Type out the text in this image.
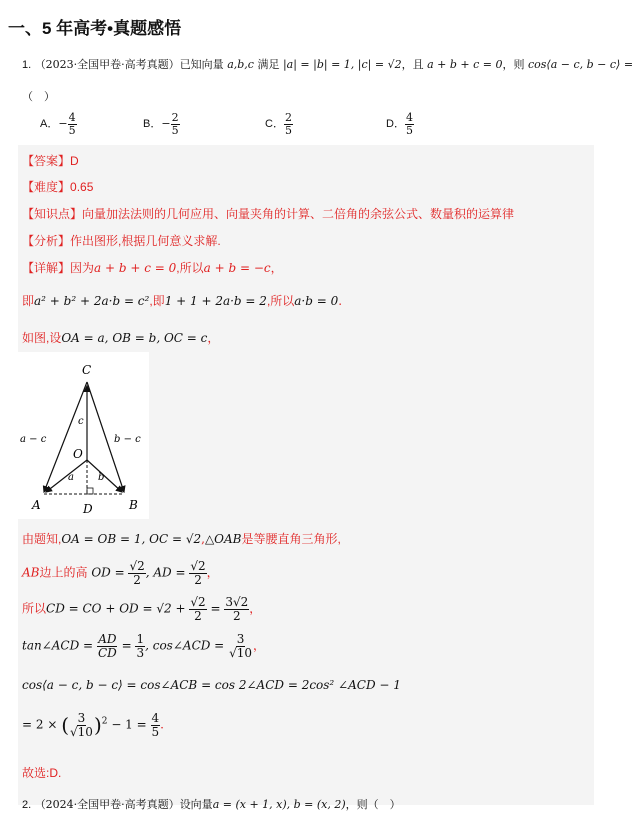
一、5 年高考•真题感悟
1. （2023·全国甲卷·高考真题）已知向量 a,b,c 满足 |a| = |b| = 1, |c| = √2，且 a + b + c = 0，则 cos⟨a − c, b − c⟩ =
（　）
A．− $\frac{4}{5}$	B．− $\frac{2}{5}$	C． $\frac{2}{5}$	D． $\frac{4}{5}$
【答案】D
【难度】0.65
【知识点】向量加法法则的几何应用、向量夹角的计算、二倍角的余弦公式、数量积的运算律
【分析】作出图形,根据几何意义求解.
【详解】因为a + b + c = 0,所以a + b = −c，
即a² + b² + 2a·b = c²,即1 + 1 + 2a·b = 2,所以a·b = 0.
如图,设OA = a, OB = b, OC = c，
C
O
A	B
D
a − c	b − c
c
a b
由题知,OA = OB = 1, OC = √2,△OAB是等腰直角三角形,
AB边上的高 OD = $\frac{√2}{2}$ , AD = $\frac{√2}{2}$ ，
所以CD = CO + OD = $√2 + \frac{√2}{2} = \frac{3√2}{2}$ ，
tan∠ACD = $\frac{AD}{CD} = \frac{1}{3}$ , cos∠ACD = $\frac{3}{√10}$ ，
cos⟨a − c, b − c⟩ = cos∠ACB = cos 2∠ACD = 2cos² ∠ACD − 1
= 2 × ( $\frac{3}{√10} )^2 - 1 = \frac{4}{5}$ .
故选:D.
2. （2024·全国甲卷·高考真题）设向量a = (x + 1, x), b = (x, 2)，则（　）
